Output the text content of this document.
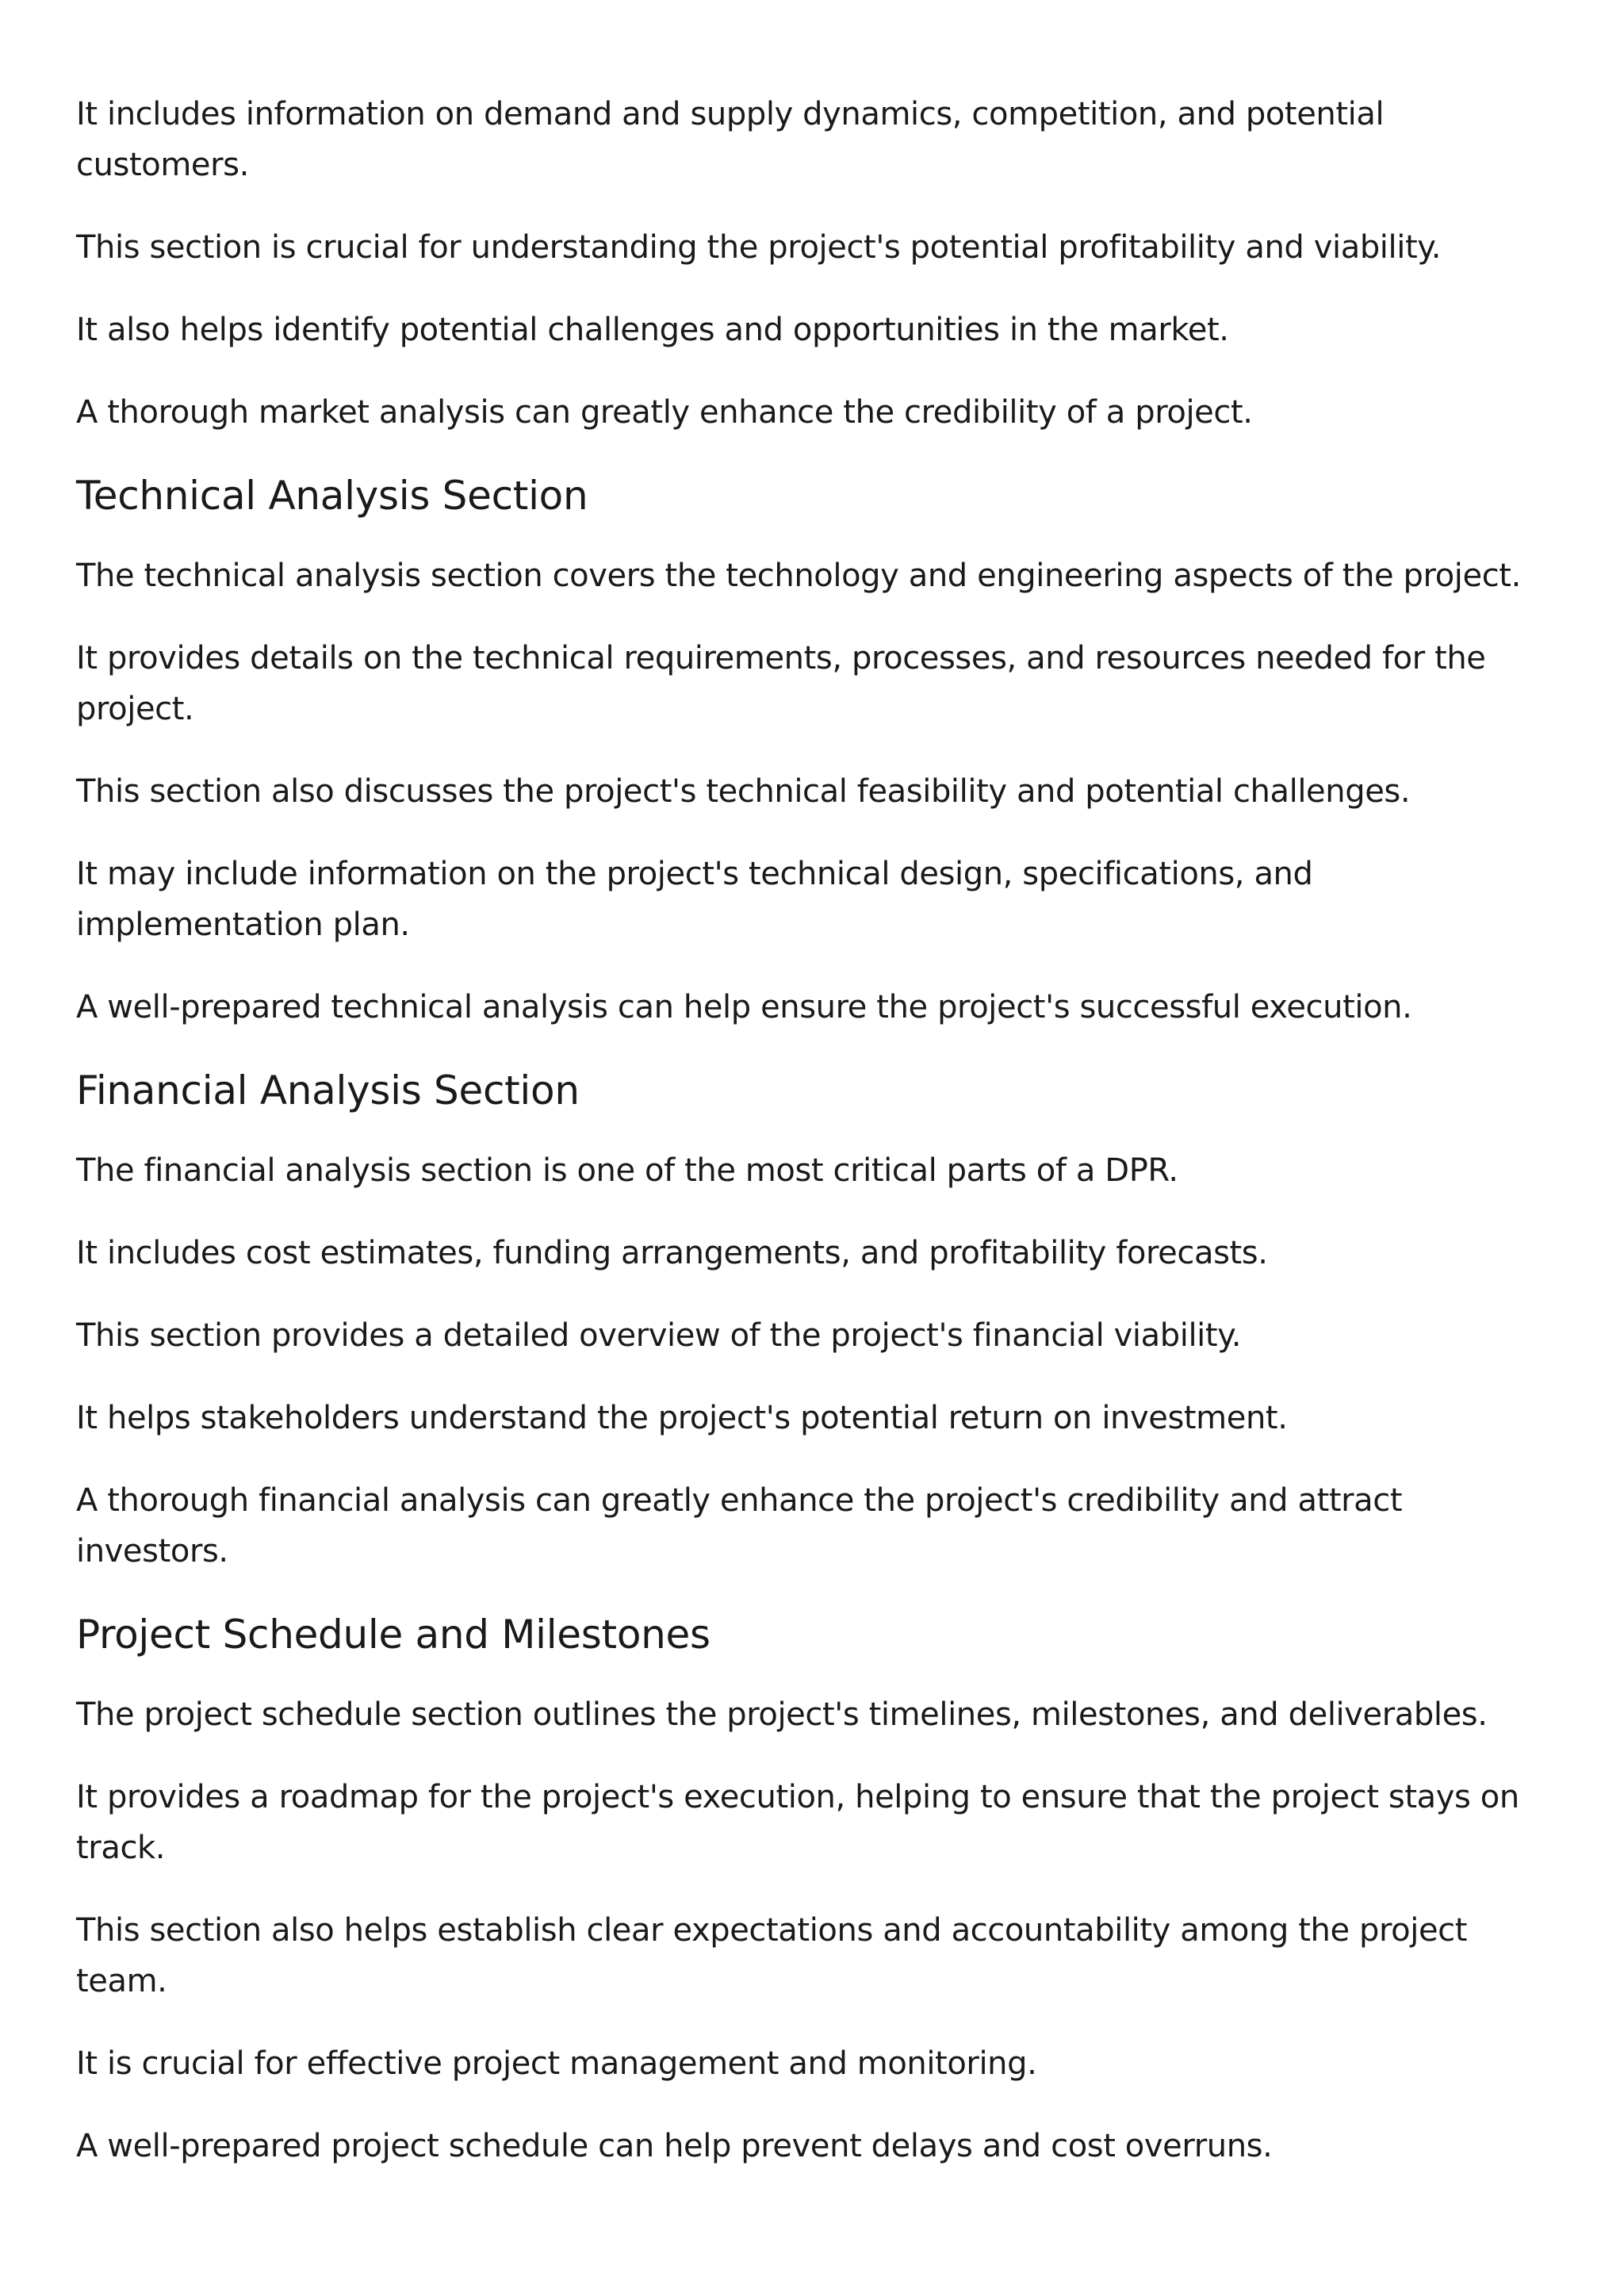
It includes information on demand and supply dynamics, competition, and potential customers.

This section is crucial for understanding the project's potential profitability and viability.

It also helps identify potential challenges and opportunities in the market.

A thorough market analysis can greatly enhance the credibility of a project.

Technical Analysis Section

The technical analysis section covers the technology and engineering aspects of the project.

It provides details on the technical requirements, processes, and resources needed for the project.

This section also discusses the project's technical feasibility and potential challenges.

It may include information on the project's technical design, specifications, and implementation plan.

A well-prepared technical analysis can help ensure the project's successful execution.

Financial Analysis Section

The financial analysis section is one of the most critical parts of a DPR.

It includes cost estimates, funding arrangements, and profitability forecasts.

This section provides a detailed overview of the project's financial viability.

It helps stakeholders understand the project's potential return on investment.

A thorough financial analysis can greatly enhance the project's credibility and attract investors.

Project Schedule and Milestones

The project schedule section outlines the project's timelines, milestones, and deliverables.

It provides a roadmap for the project's execution, helping to ensure that the project stays on track.

This section also helps establish clear expectations and accountability among the project team.

It is crucial for effective project management and monitoring.

A well-prepared project schedule can help prevent delays and cost overruns.
